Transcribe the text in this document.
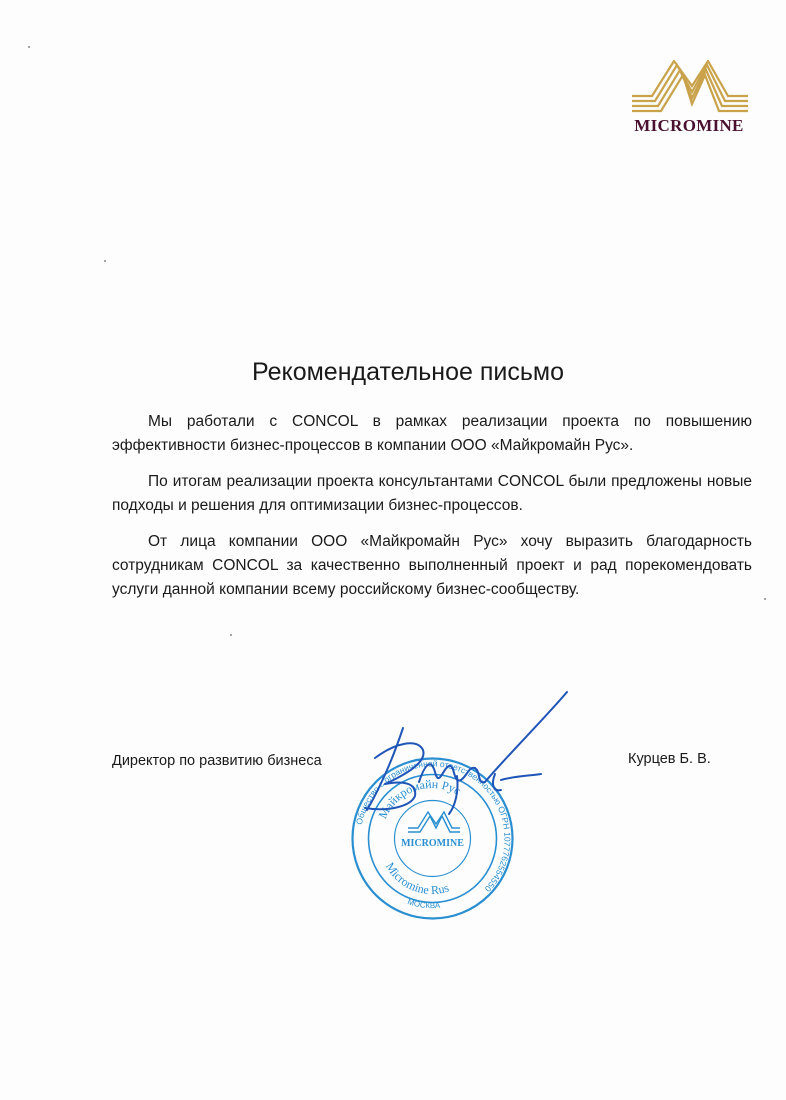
MICROMINE
Рекомендательное письмо

Мы работали с CONCOL в рамках реализации проекта по повышению эффективности бизнес-процессов в компании ООО «Майкромайн Рус».

По итогам реализации проекта консультантами CONCOL были предложены новые подходы и решения для оптимизации бизнес-процессов.

От лица компании ООО «Майкромайн Рус» хочу выразить благодарность сотрудникам CONCOL за качественно выполненный проект и рад порекомендовать услуги данной компании всему российскому бизнес-сообществу.

Директор по развитию бизнеса	Курцев Б. В.
Общество с ограниченной ответственностью ОГРН 1077762554550
МОСКВА
Майкромайн Рус
Micromine Rus
MICROMINE
